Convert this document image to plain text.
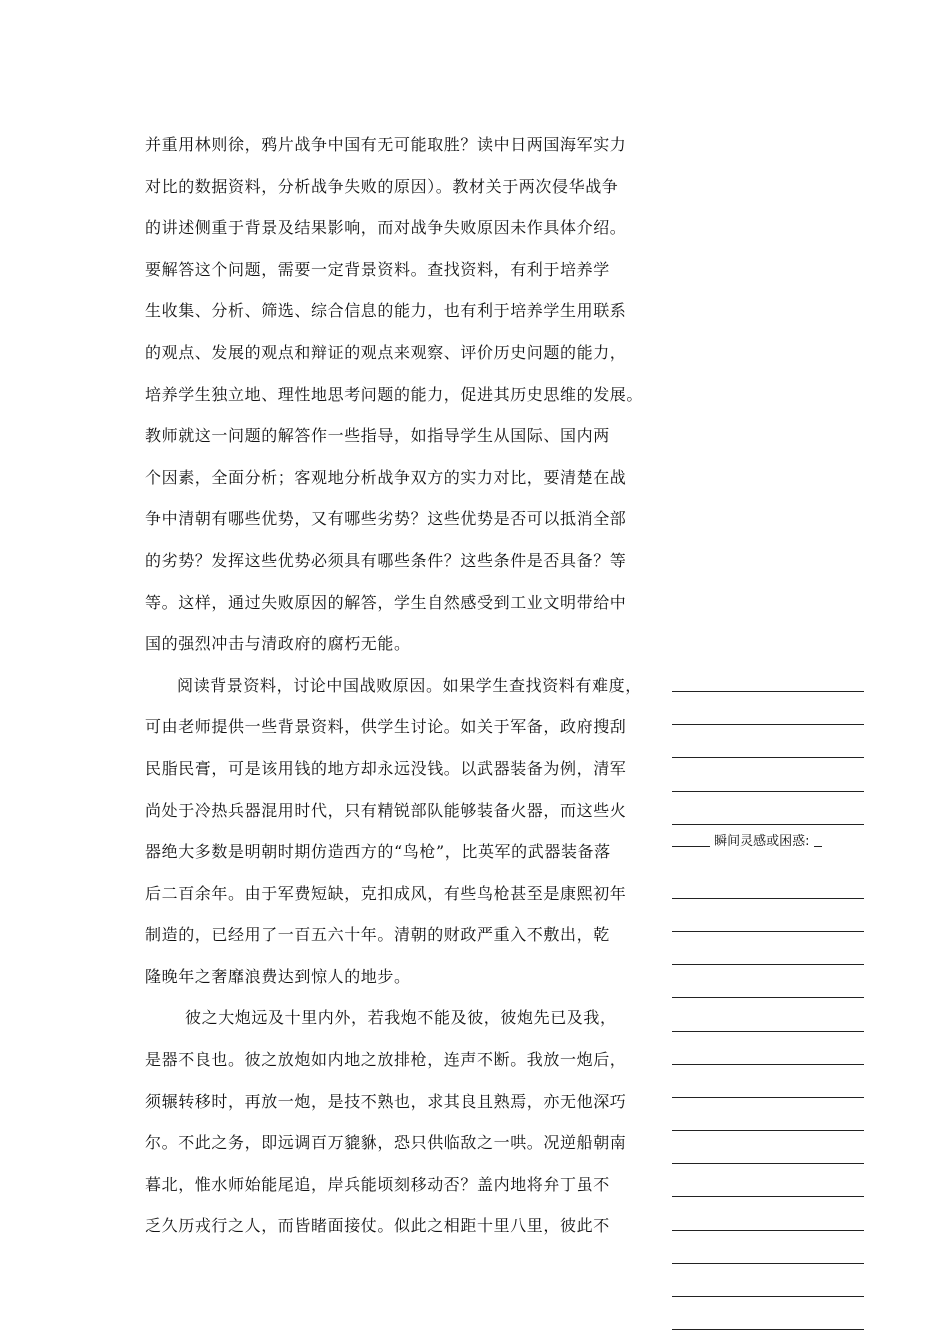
并重用林则徐，鸦片战争中国有无可能取胜？读中日两国海军实力
对比的数据资料，分析战争失败的原因）。教材关于两次侵华战争
的讲述侧重于背景及结果影响，而对战争失败原因未作具体介绍。
要解答这个问题，需要一定背景资料。查找资料，有利于培养学
生收集、分析、筛选、综合信息的能力，也有利于培养学生用联系
的观点、发展的观点和辩证的观点来观察、评价历史问题的能力，
培养学生独立地、理性地思考问题的能力，促进其历史思维的发展。
教师就这一问题的解答作一些指导，如指导学生从国际、国内两
个因素，全面分析；客观地分析战争双方的实力对比，要清楚在战
争中清朝有哪些优势，又有哪些劣势？这些优势是否可以抵消全部
的劣势？发挥这些优势必须具有哪些条件？这些条件是否具备？等
等。这样，通过失败原因的解答，学生自然感受到工业文明带给中
国的强烈冲击与清政府的腐朽无能。
阅读背景资料，讨论中国战败原因。如果学生查找资料有难度，
可由老师提供一些背景资料，供学生讨论。如关于军备，政府搜刮
民脂民膏，可是该用钱的地方却永远没钱。以武器装备为例，清军
尚处于冷热兵器混用时代，只有精锐部队能够装备火器，而这些火
器绝大多数是明朝时期仿造西方的“鸟枪”，比英军的武器装备落
后二百余年。由于军费短缺，克扣成风，有些鸟枪甚至是康熙初年
制造的，已经用了一百五六十年。清朝的财政严重入不敷出，乾
隆晚年之奢靡浪费达到惊人的地步。
彼之大炮远及十里内外，若我炮不能及彼，彼炮先已及我，
是器不良也。彼之放炮如内地之放排枪，连声不断。我放一炮后，
须辗转移时，再放一炮，是技不熟也，求其良且熟焉，亦无他深巧
尔。不此之务，即远调百万貔貅，恐只供临敌之一哄。况逆船朝南
暮北，惟水师始能尾追，岸兵能顷刻移动否？盖内地将弁丁虽不
乏久历戎行之人，而皆睹面接仗。似此之相距十里八里，彼此不
瞬间灵感或困惑:
